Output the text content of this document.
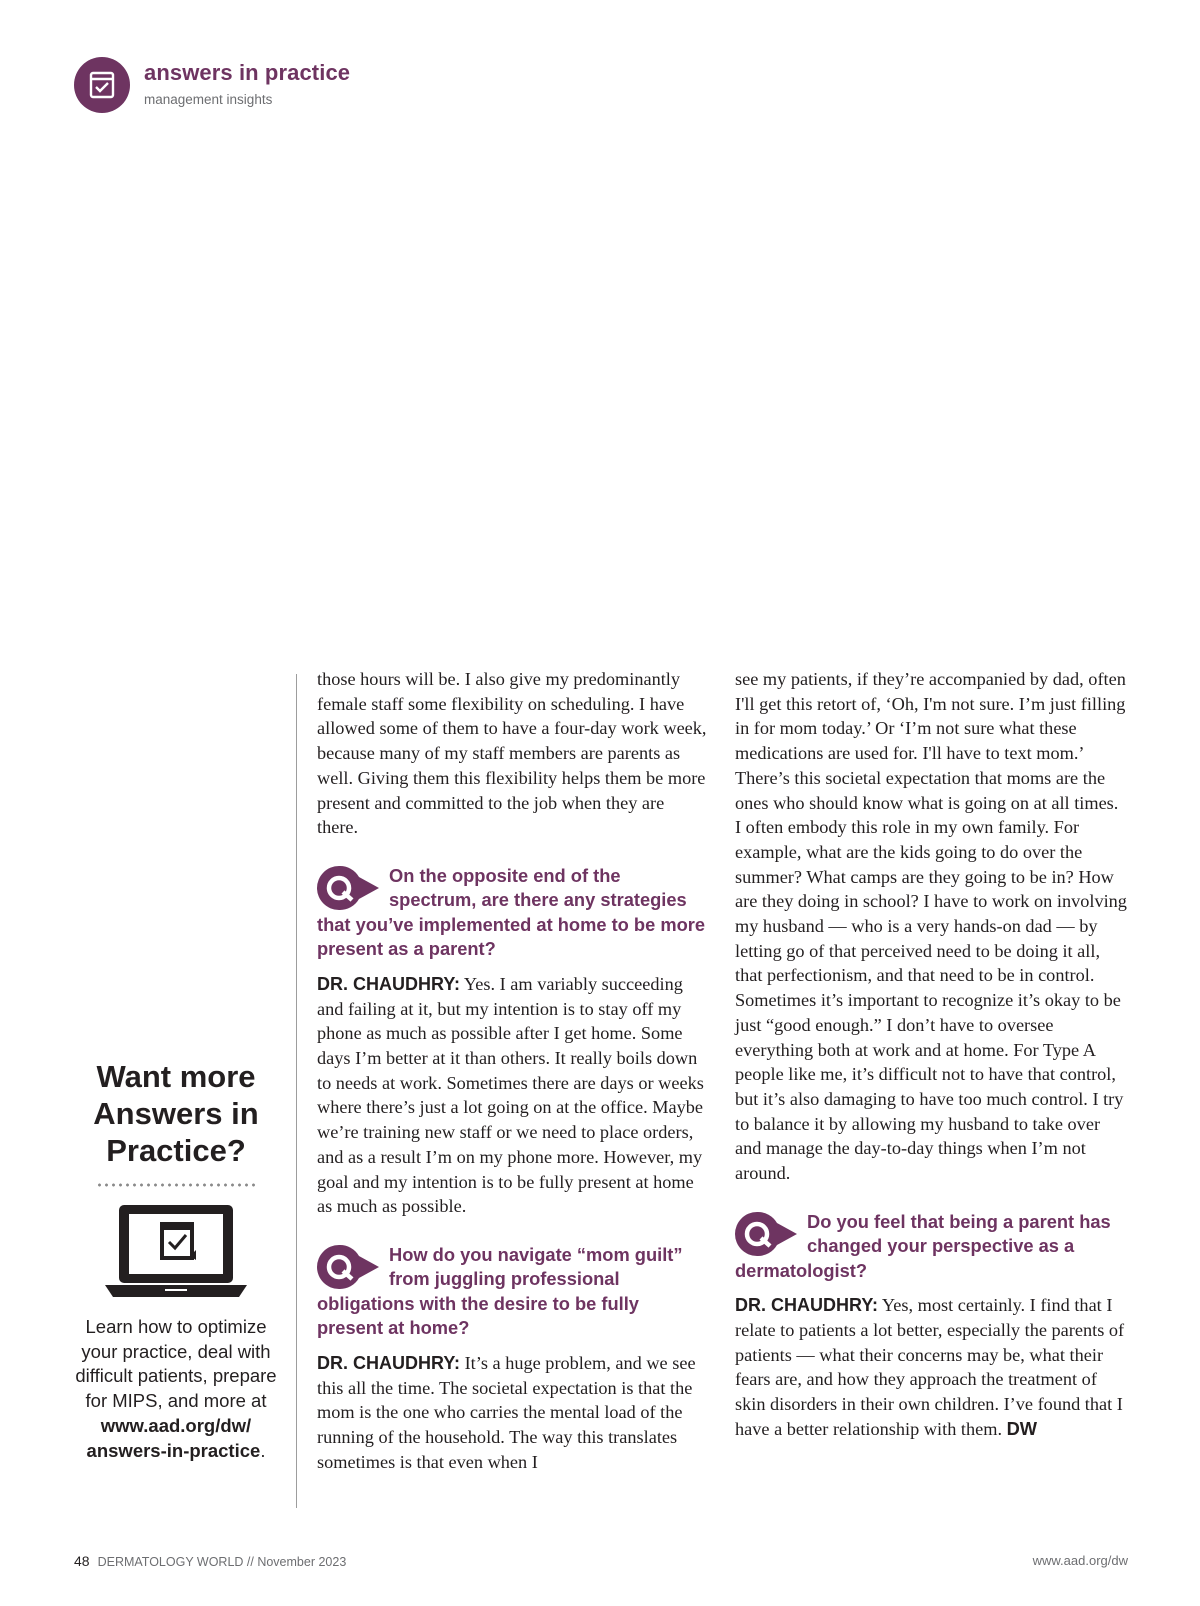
answers in practice
management insights
Want more Answers in Practice?
Learn how to optimize your practice, deal with difficult patients, prepare for MIPS, and more at www.aad.org/dw/ answers-in-practice.

those hours will be. I also give my predominantly female staff some flexibility on scheduling. I have allowed some of them to have a four-day work week, because many of my staff members are parents as well. Giving them this flexibility helps them be more present and committed to the job when they are there.

On the opposite end of the spectrum, are there any strategies that you’ve implemented at home to be more present as a parent?

DR. CHAUDHRY: Yes. I am variably succeeding and failing at it, but my intention is to stay off my phone as much as possible after I get home. Some days I’m better at it than others. It really boils down to needs at work. Sometimes there are days or weeks where there’s just a lot going on at the office. Maybe we’re training new staff or we need to place orders, and as a result I’m on my phone more. However, my goal and my intention is to be fully present at home as much as possible.

How do you navigate “mom guilt” from juggling professional obligations with the desire to be fully present at home?

DR. CHAUDHRY: It’s a huge problem, and we see this all the time. The societal expectation is that the mom is the one who carries the mental load of the running of the household. The way this translates sometimes is that even when I

see my patients, if they’re accompanied by dad, often I'll get this retort of, ‘Oh, I'm not sure. I’m just filling in for mom today.’ Or ‘I’m not sure what these medications are used for. I'll have to text mom.’ There’s this societal expectation that moms are the ones who should know what is going on at all times. I often embody this role in my own family. For example, what are the kids going to do over the summer? What camps are they going to be in? How are they doing in school? I have to work on involving my husband — who is a very hands-on dad — by letting go of that perceived need to be doing it all, that perfectionism, and that need to be in control. Sometimes it’s important to recognize it’s okay to be just “good enough.” I don’t have to oversee everything both at work and at home. For Type A people like me, it’s difficult not to have that control, but it’s also damaging to have too much control. I try to balance it by allowing my husband to take over and manage the day-to-day things when I’m not around.

Do you feel that being a parent has changed your perspective as a dermatologist?

DR. CHAUDHRY: Yes, most certainly. I find that I relate to patients a lot better, especially the parents of patients — what their concerns may be, what their fears are, and how they approach the treatment of skin disorders in their own children. I’ve found that I have a better relationship with them. DW

48 DERMATOLOGY WORLD // November 2023	www.aad.org/dw
